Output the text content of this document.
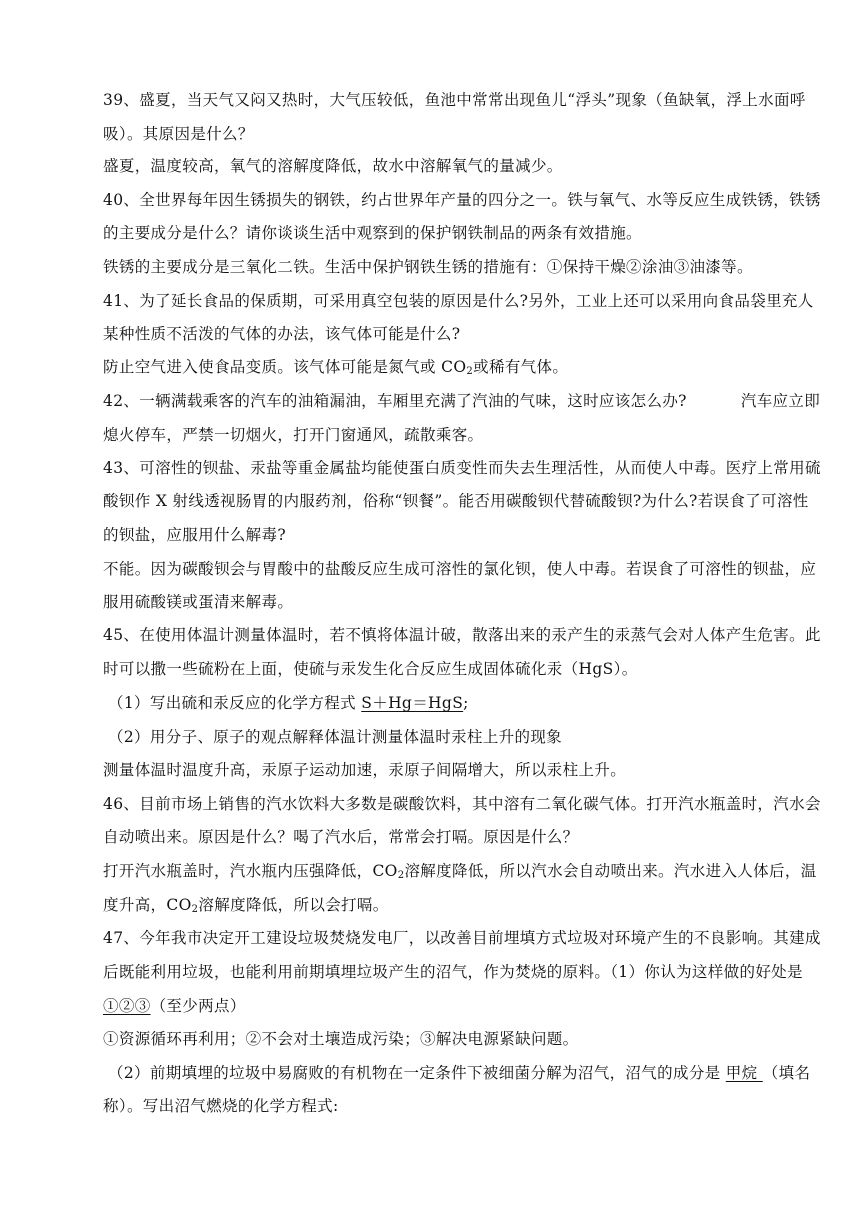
39、盛夏，当天气又闷又热时，大气压较低，鱼池中常常出现鱼儿“浮头”现象（鱼缺氧，浮上水面呼
吸）。其原因是什么？
盛夏，温度较高，氧气的溶解度降低，故水中溶解氧气的量减少。
40、全世界每年因生锈损失的钢铁，约占世界年产量的四分之一。铁与氧气、水等反应生成铁锈，铁锈
的主要成分是什么？请你谈谈生活中观察到的保护钢铁制品的两条有效措施。
铁锈的主要成分是三氧化二铁。生活中保护钢铁生锈的措施有：①保持干燥②涂油③油漆等。
41、为了延长食品的保质期，可采用真空包装的原因是什么?另外，工业上还可以采用向食品袋里充人
某种性质不活泼的气体的办法，该气体可能是什么?
防止空气进入使食品变质。该气体可能是氮气或 $CO_2$或稀有气体。
42、一辆满载乘客的汽车的油箱漏油，车厢里充满了汽油的气味，这时应该怎么办?	汽车应立即
熄火停车，严禁一切烟火，打开门窗通风，疏散乘客。
43、可溶性的钡盐、汞盐等重金属盐均能使蛋白质变性而失去生理活性，从而使人中毒。医疗上常用硫
酸钡作 X 射线透视肠胃的内服药剂，俗称“钡餐”。能否用碳酸钡代替硫酸钡?为什么?若误食了可溶性
的钡盐，应服用什么解毒?
不能。因为碳酸钡会与胃酸中的盐酸反应生成可溶性的氯化钡，使人中毒。若误食了可溶性的钡盐，应
服用硫酸镁或蛋清来解毒。
45、在使用体温计测量体温时，若不慎将体温计破，散落出来的汞产生的汞蒸气会对人体产生危害。此
时可以撒一些硫粉在上面，使硫与汞发生化合反应生成固体硫化汞（HgS）。
（1）写出硫和汞反应的化学方程式 S＋Hg＝HgS;
（2）用分子、原子的观点解释体温计测量体温时汞柱上升的现象
测量体温时温度升高，汞原子运动加速，汞原子间隔增大，所以汞柱上升。
46、目前市场上销售的汽水饮料大多数是碳酸饮料，其中溶有二氧化碳气体。打开汽水瓶盖时，汽水会
自动喷出来。原因是什么？喝了汽水后，常常会打嗝。原因是什么？
打开汽水瓶盖时，汽水瓶内压强降低，$CO_2$溶解度降低，所以汽水会自动喷出来。汽水进入人体后，温
度升高，$CO_2$溶解度降低，所以会打嗝。
47、今年我市决定开工建设垃圾焚烧发电厂，以改善目前埋填方式垃圾对环境产生的不良影响。其建成
后既能利用垃圾，也能利用前期填埋垃圾产生的沼气，作为焚烧的原料。（1）你认为这样做的好处是
①②③（至少两点）
①资源循环再利用；②不会对土壤造成污染；③解决电源紧缺问题。
（2）前期填埋的垃圾中易腐败的有机物在一定条件下被细菌分解为沼气，沼气的成分是 甲烷 （填名
称）。写出沼气燃烧的化学方程式:
